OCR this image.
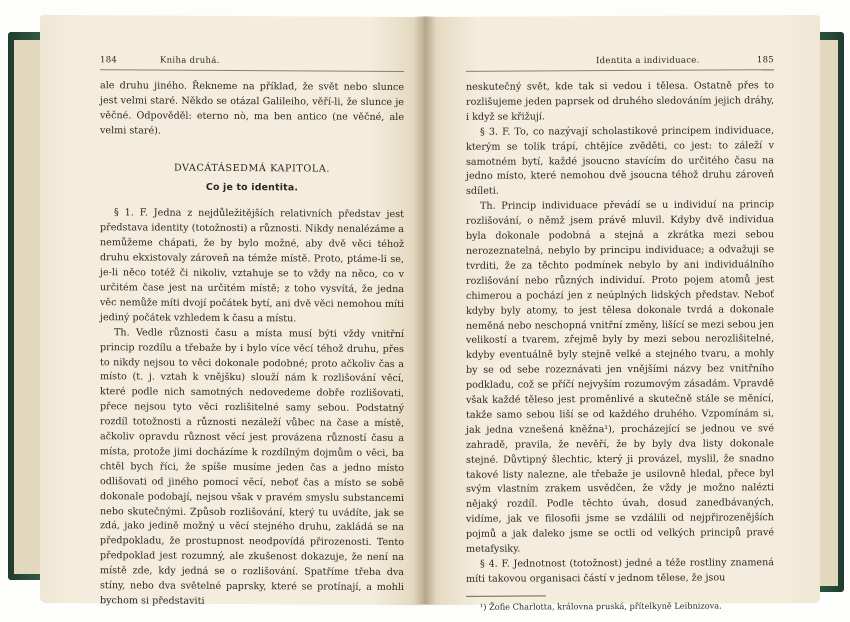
184	Kniha druhá.

ale druhu jiného. Řekneme na příklad, že svět nebo slunce jest velmi staré. Někdo se otázal Galileiho, věří-li, že slunce je věčné. Odpověděl: eterno nò, ma ben antico (ne věčné, ale velmi staré).

DVACÁTÁSEDMÁ KAPITOLA.
Co je to identita.

§ 1. F. Jedna z nejdůležitějších relativních představ jest představa identity (totožnosti) a různosti. Nikdy nenalézáme a nemůžeme chápati, že by bylo možné, aby dvě věci téhož druhu ekxistovaly zároveň na témže místě. Proto, ptáme-li se, je-li něco totéž či nikoliv, vztahuje se to vždy na něco, co v určitém čase jest na určitém místě; z toho vysvítá, že jedna věc nemůže míti dvojí počátek bytí, ani dvě věci nemohou míti jediný počátek vzhledem k času a místu.

Th. Vedle různosti času a místa musí býti vždy vnitřní princip rozdílu a třebaže by i bylo více věcí téhož druhu, přes to nikdy nejsou to věci dokonale podobné; proto ačkoliv čas a místo (t. j. vztah k vnějšku) slouží nám k rozlišování věcí, které podle nich samotných nedovedeme dobře rozlišovati, přece nejsou tyto věci rozlišitelné samy sebou. Podstatný rozdíl totožnosti a různosti nezáleží vůbec na čase a místě, ačkoliv opravdu různost věcí jest provázena růzností času a místa, protože jimi docházíme k rozdílným dojmům o věci, ba chtěl bych říci, že spíše musíme jeden čas a jedno místo odlišovati od jiného pomocí věcí, neboť čas a místo se sobě dokonale podobají, nejsou však v pravém smyslu substancemi nebo skutečnými. Způsob rozlišování, který tu uvádíte, jak se zdá, jako jedině možný u věcí stejného druhu, zakládá se na předpokladu, že prostupnost neodpovídá přirozenosti. Tento předpoklad jest rozumný, ale zkušenost dokazuje, že není na místě zde, kdy jedná se o rozlišování. Spatříme třeba dva stíny, nebo dva světelné paprsky, které se protínají, a mohli bychom si představiti

Identita a individuace.	185

neskutečný svět, kde tak si vedou i tělesa. Ostatně přes to rozlišujeme jeden paprsek od druhého sledováním jejich dráhy, i když se křižují.

§ 3. F. To, co nazývají scholastikové principem individuace, kterým se tolik trápí, chtějíce zvěděti, co jest: to záleží v samotném bytí, každé jsoucno stavícím do určitého času na jedno místo, které nemohou dvě jsoucna téhož druhu zároveň sdíleti.

Th. Princip individuace převádí se u individuí na princip rozlišování, o němž jsem právě mluvil. Kdyby dvě individua byla dokonale podobná a stejná a zkrátka mezi sebou nerozeznatelná, nebylo by principu individuace; a odvažuji se tvrditi, že za těchto podmínek nebylo by ani individuálního rozlišování nebo různých individuí. Proto pojem atomů jest chimerou a pochází jen z neúplných lidských představ. Neboť kdyby byly atomy, to jest tělesa dokonale tvrdá a dokonale neměná nebo neschopná vnitřní změny, lišící se mezi sebou jen velikostí a tvarem, zřejmě byly by mezi sebou nerozlišitelné, kdyby eventuálně byly stejně velké a stejného tvaru, a mohly by se od sebe rozeznávati jen vnějšími názvy bez vnitřního podkladu, což se příčí nejvyším rozumovým zásadám. Vpravdě však každé těleso jest proměnlivé a skutečně stále se měnící, takže samo sebou liší se od každého druhého. Vzpomínám si, jak jedna vznešená kněžna¹), procházející se jednou ve své zahradě, pravila, že nevěří, že by byly dva listy dokonale stejné. Důvtipný šlechtic, který ji provázel, myslil, že snadno takové listy nalezne, ale třebaže je usilovně hledal, přece byl svým vlastním zrakem usvědčen, že vždy je možno nalézti nějaký rozdíl. Podle těchto úvah, dosud zanedbávaných, vidíme, jak ve filosofii jsme se vzdálili od nejpřirozenějších pojmů a jak daleko jsme se octli od velkých principů pravé metafysiky.

§ 4. F. Jednotnost (totožnost) jedné a téže rostliny znamená míti takovou organisaci částí v jednom tělese, že jsou

¹) Žofie Charlotta, královna pruská, přítelkyně Leibnizova.
